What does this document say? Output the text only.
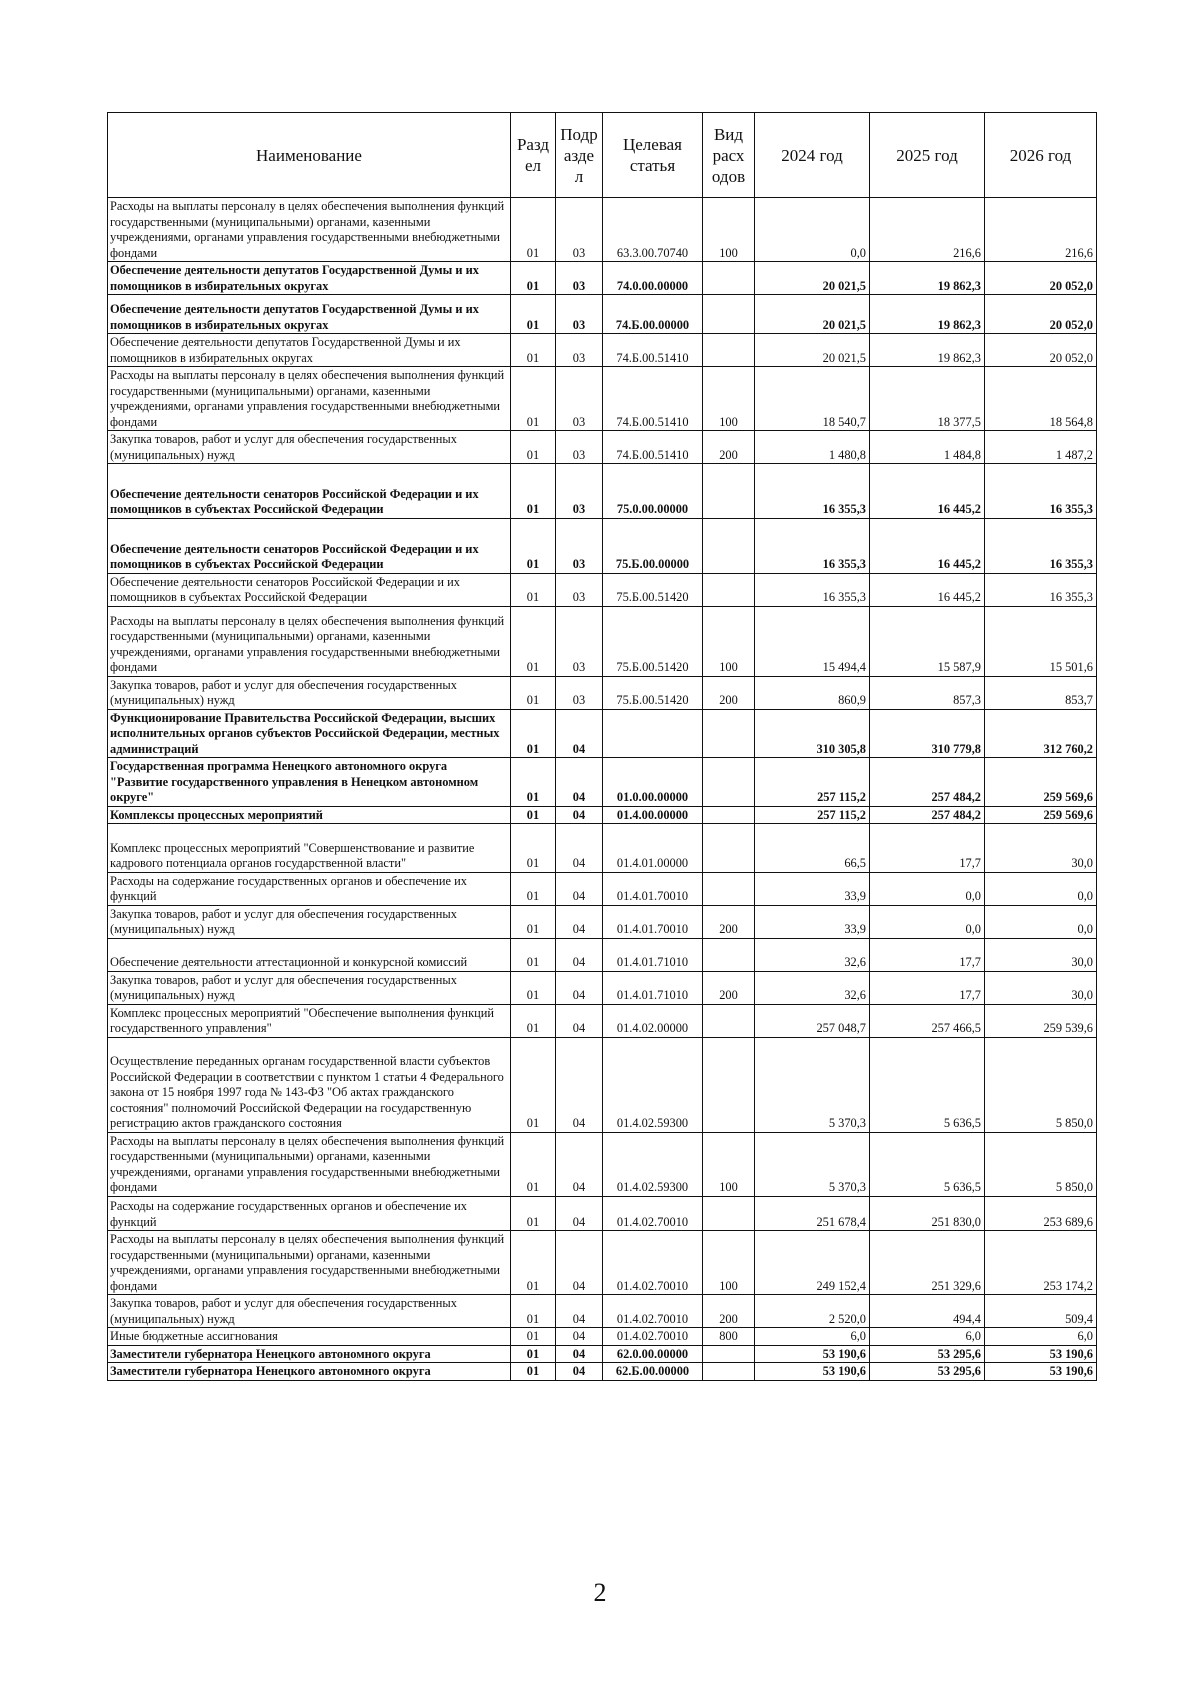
Наименование	Разд ел	Подр азде л	Целевая статья	Вид расх одов	2024 год	2025 год	2026 год
Расходы на выплаты персоналу в целях обеспечения выполнения функций государственными (муниципальными) органами, казенными учреждениями, органами управления государственными внебюджетными фондами	01	03	63.3.00.70740	100	0,0	216,6	216,6
Обеспечение деятельности депутатов Государственной Думы и их помощников в избирательных округах	01	03	74.0.00.00000		20 021,5	19 862,3	20 052,0
Обеспечение деятельности депутатов Государственной Думы и их помощников в избирательных округах	01	03	74.Б.00.00000		20 021,5	19 862,3	20 052,0
Обеспечение деятельности депутатов Государственной Думы и их помощников в избирательных округах	01	03	74.Б.00.51410		20 021,5	19 862,3	20 052,0
Расходы на выплаты персоналу в целях обеспечения выполнения функций государственными (муниципальными) органами, казенными учреждениями, органами управления государственными внебюджетными фондами	01	03	74.Б.00.51410	100	18 540,7	18 377,5	18 564,8
Закупка товаров, работ и услуг для обеспечения государственных (муниципальных) нужд	01	03	74.Б.00.51410	200	1 480,8	1 484,8	1 487,2
Обеспечение деятельности сенаторов Российской Федерации и их помощников в субъектах Российской Федерации	01	03	75.0.00.00000		16 355,3	16 445,2	16 355,3
Обеспечение деятельности сенаторов Российской Федерации и их помощников в субъектах Российской Федерации	01	03	75.Б.00.00000		16 355,3	16 445,2	16 355,3
Обеспечение деятельности сенаторов Российской Федерации и их помощников в субъектах Российской Федерации	01	03	75.Б.00.51420		16 355,3	16 445,2	16 355,3
Расходы на выплаты персоналу в целях обеспечения выполнения функций государственными (муниципальными) органами, казенными учреждениями, органами управления государственными внебюджетными фондами	01	03	75.Б.00.51420	100	15 494,4	15 587,9	15 501,6
Закупка товаров, работ и услуг для обеспечения государственных (муниципальных) нужд	01	03	75.Б.00.51420	200	860,9	857,3	853,7
Функционирование Правительства Российской Федерации, высших исполнительных органов субъектов Российской Федерации, местных администраций	01	04			310 305,8	310 779,8	312 760,2
Государственная программа Ненецкого автономного округа "Развитие государственного управления в Ненецком автономном округе"	01	04	01.0.00.00000		257 115,2	257 484,2	259 569,6
Комплексы процессных мероприятий	01	04	01.4.00.00000		257 115,2	257 484,2	259 569,6
Комплекс процессных мероприятий "Совершенствование и развитие кадрового потенциала органов государственной власти"	01	04	01.4.01.00000		66,5	17,7	30,0
Расходы на содержание государственных органов и обеспечение их функций	01	04	01.4.01.70010		33,9	0,0	0,0
Закупка товаров, работ и услуг для обеспечения государственных (муниципальных) нужд	01	04	01.4.01.70010	200	33,9	0,0	0,0
Обеспечение деятельности аттестационной и конкурсной комиссий	01	04	01.4.01.71010		32,6	17,7	30,0
Закупка товаров, работ и услуг для обеспечения государственных (муниципальных) нужд	01	04	01.4.01.71010	200	32,6	17,7	30,0
Комплекс процессных мероприятий "Обеспечение выполнения функций государственного управления"	01	04	01.4.02.00000		257 048,7	257 466,5	259 539,6
Осуществление переданных органам государственной власти субъектов Российской Федерации в соответствии с пунктом 1 статьи 4 Федерального закона от 15 ноября 1997 года № 143-ФЗ "Об актах гражданского состояния" полномочий Российской Федерации на государственную регистрацию актов гражданского состояния	01	04	01.4.02.59300		5 370,3	5 636,5	5 850,0
Расходы на выплаты персоналу в целях обеспечения выполнения функций государственными (муниципальными) органами, казенными учреждениями, органами управления государственными внебюджетными фондами	01	04	01.4.02.59300	100	5 370,3	5 636,5	5 850,0
Расходы на содержание государственных органов и обеспечение их функций	01	04	01.4.02.70010		251 678,4	251 830,0	253 689,6
Расходы на выплаты персоналу в целях обеспечения выполнения функций государственными (муниципальными) органами, казенными учреждениями, органами управления государственными внебюджетными фондами	01	04	01.4.02.70010	100	249 152,4	251 329,6	253 174,2
Закупка товаров, работ и услуг для обеспечения государственных (муниципальных) нужд	01	04	01.4.02.70010	200	2 520,0	494,4	509,4
Иные бюджетные ассигнования	01	04	01.4.02.70010	800	6,0	6,0	6,0
Заместители губернатора Ненецкого автономного округа	01	04	62.0.00.00000		53 190,6	53 295,6	53 190,6
Заместители губернатора Ненецкого автономного округа	01	04	62.Б.00.00000		53 190,6	53 295,6	53 190,6
2
